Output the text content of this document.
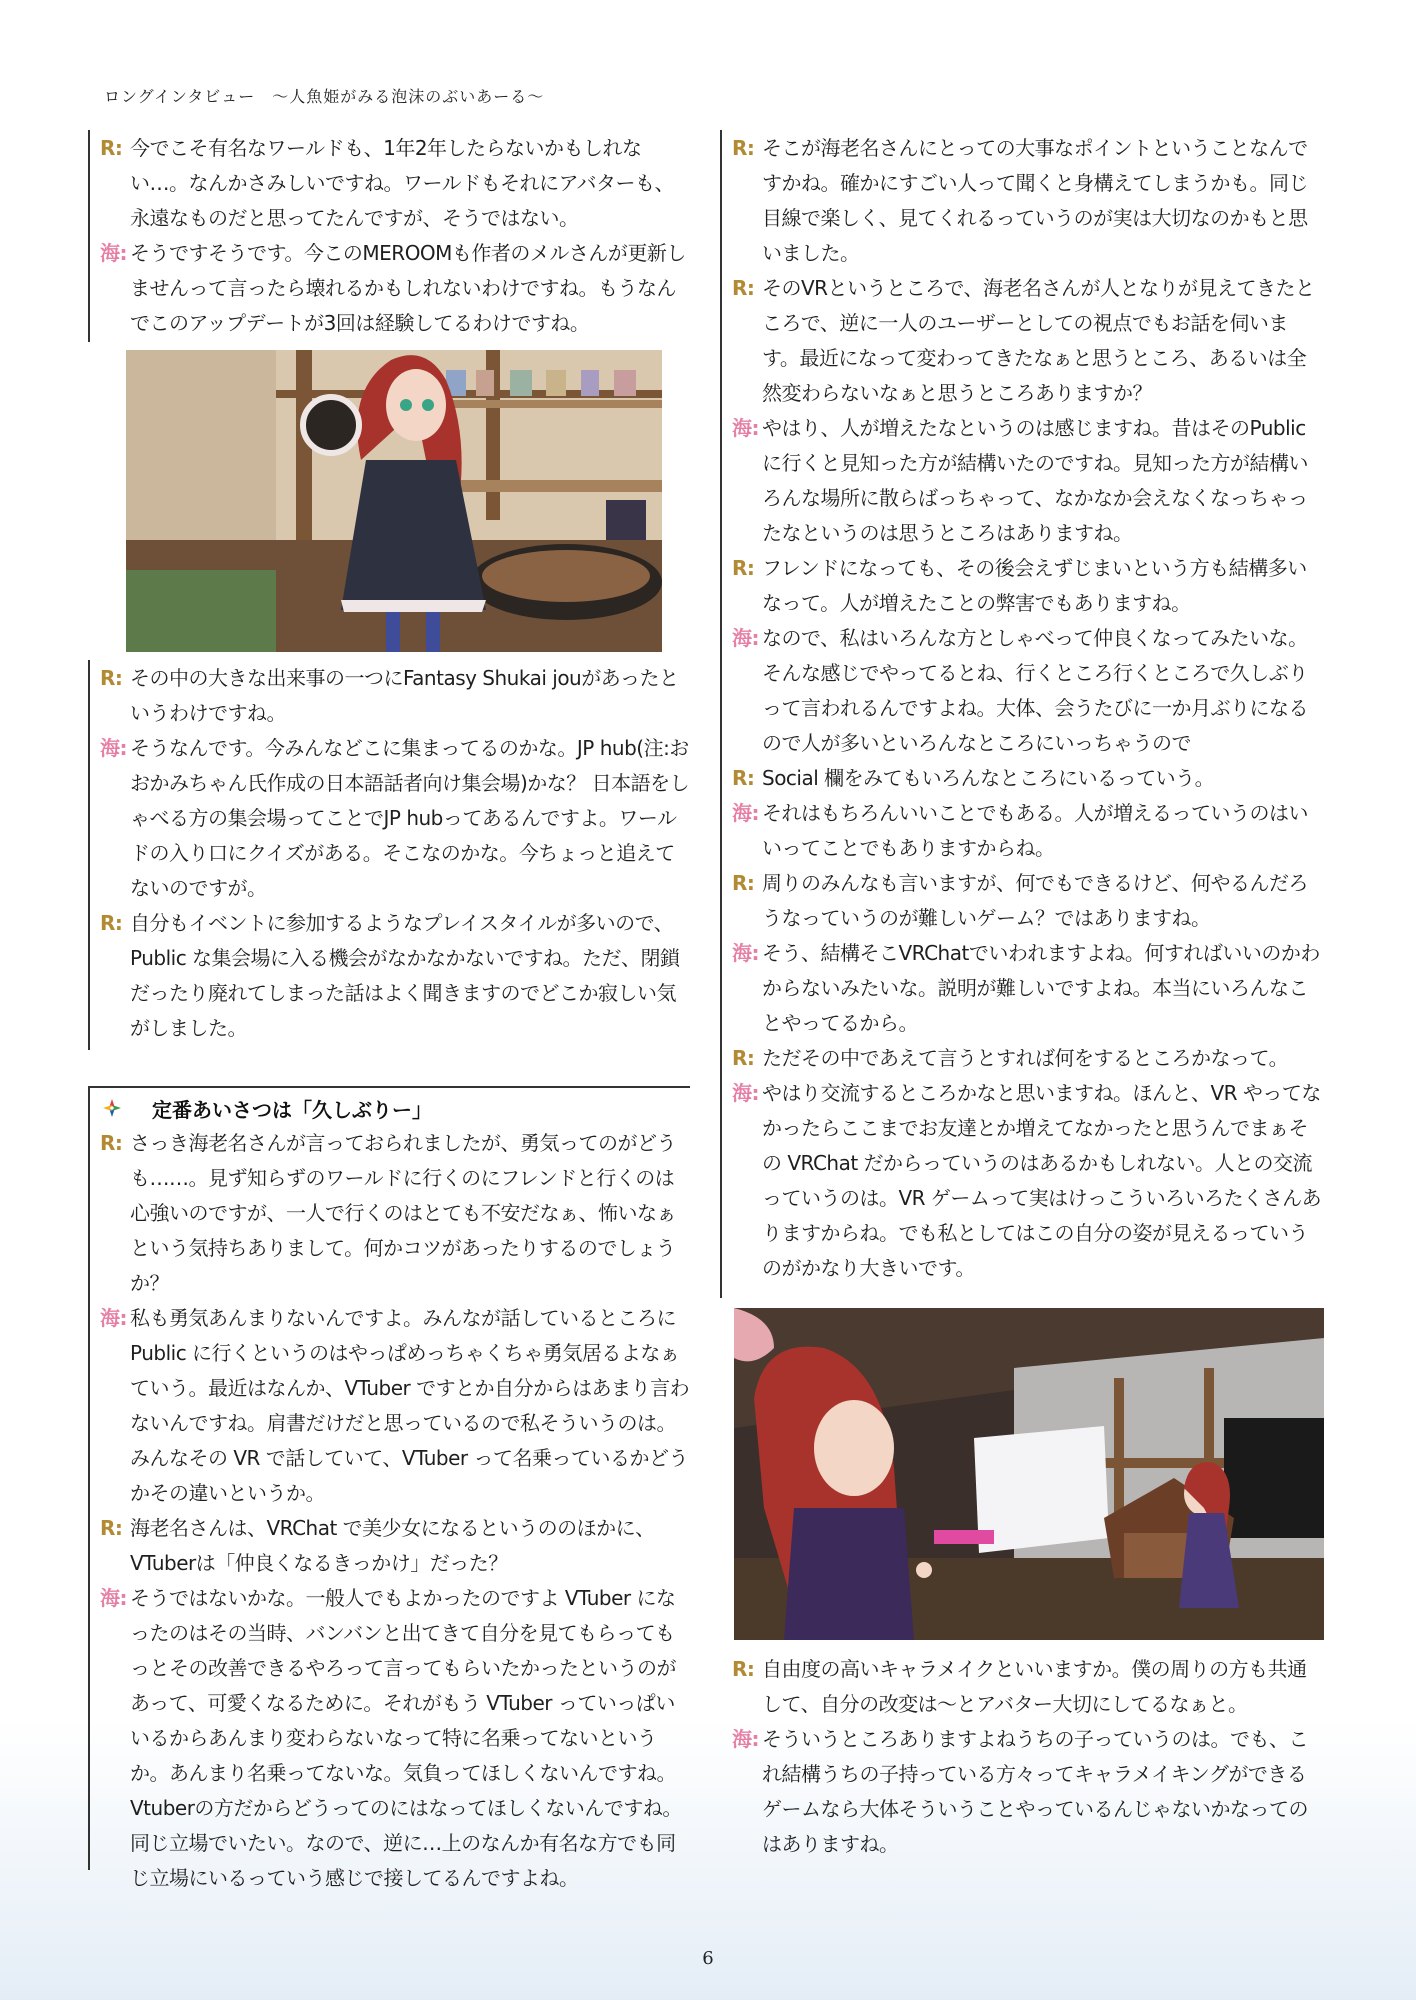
ロングインタビュー　〜人魚姫がみる泡沫のぶいあーる〜
R: 今でこそ有名なワールドも、1年2年したらないかもしれない…。なんかさみしいですね。ワールドもそれにアバターも、永遠なものだと思ってたんですが、そうではない。
海: そうですそうです。今このMEROOMも作者のメルさんが更新しませんって言ったら壊れるかもしれないわけですね。もうなんでこのアップデートが3回は経験してるわけですね。
R: その中の大きな出来事の一つにFantasy Shukai jouがあったというわけですね。
海: そうなんです。今みんなどこに集まってるのかな。JP hub(注:おおかみちゃん氏作成の日本語話者向け集会場)かな？ 日本語をしゃべる方の集会場ってことでJP hubってあるんですよ。ワールドの入り口にクイズがある。そこなのかな。今ちょっと追えてないのですが。
R: 自分もイベントに参加するようなプレイスタイルが多いので、Public な集会場に入る機会がなかなかないですね。ただ、閉鎖だったり廃れてしまった話はよく聞きますのでどこか寂しい気がしました。
定番あいさつは「久しぶりー」
R: さっき海老名さんが言っておられましたが、勇気ってのがどうも……。見ず知らずのワールドに行くのにフレンドと行くのは心強いのですが、一人で行くのはとても不安だなぁ、怖いなぁという気持ちありまして。何かコツがあったりするのでしょうか？
海: 私も勇気あんまりないんですよ。みんなが話しているところにPublic に行くというのはやっぱめっちゃくちゃ勇気居るよなぁていう。最近はなんか、VTuber ですとか自分からはあまり言わないんですね。肩書だけだと思っているので私そういうのは。みんなその VR で話していて、VTuber って名乗っているかどうかその違いというか。
R: 海老名さんは、VRChat で美少女になるというののほかに、VTuberは「仲良くなるきっかけ」だった？
海: そうではないかな。一般人でもよかったのですよ VTuber になったのはその当時、バンバンと出てきて自分を見てもらってもっとその改善できるやろって言ってもらいたかったというのがあって、可愛くなるために。それがもう VTuber っていっぱいいるからあんまり変わらないなって特に名乗ってないというか。あんまり名乗ってないな。気負ってほしくないんですね。Vtuberの方だからどうってのにはなってほしくないんですね。同じ立場でいたい。なので、逆に…上のなんか有名な方でも同じ立場にいるっていう感じで接してるんですよね。
R: そこが海老名さんにとっての大事なポイントということなんですかね。確かにすごい人って聞くと身構えてしまうかも。同じ目線で楽しく、見てくれるっていうのが実は大切なのかもと思いました。
R: そのVRというところで、海老名さんが人となりが見えてきたところで、逆に一人のユーザーとしての視点でもお話を伺います。最近になって変わってきたなぁと思うところ、あるいは全然変わらないなぁと思うところありますか？
海: やはり、人が増えたなというのは感じますね。昔はそのPublicに行くと見知った方が結構いたのですね。見知った方が結構いろんな場所に散らばっちゃって、なかなか会えなくなっちゃったなというのは思うところはありますね。
R: フレンドになっても、その後会えずじまいという方も結構多いなって。人が増えたことの弊害でもありますね。
海: なので、私はいろんな方としゃべって仲良くなってみたいな。そんな感じでやってるとね、行くところ行くところで久しぶりって言われるんですよね。大体、会うたびに一か月ぶりになるので人が多いといろんなところにいっちゃうので
R: Social 欄をみてもいろんなところにいるっていう。
海: それはもちろんいいことでもある。人が増えるっていうのはいいってことでもありますからね。
R: 周りのみんなも言いますが、何でもできるけど、何やるんだろうなっていうのが難しいゲーム？ではありますね。
海: そう、結構そこVRChatでいわれますよね。何すればいいのかわからないみたいな。説明が難しいですよね。本当にいろんなことやってるから。
R: ただその中であえて言うとすれば何をするところかなって。
海: やはり交流するところかなと思いますね。ほんと、VR やってなかったらここまでお友達とか増えてなかったと思うんでまぁその VRChat だからっていうのはあるかもしれない。人との交流っていうのは。VR ゲームって実はけっこういろいろたくさんありますからね。でも私としてはこの自分の姿が見えるっていうのがかなり大きいです。
R: 自由度の高いキャラメイクといいますか。僕の周りの方も共通して、自分の改変は〜とアバター大切にしてるなぁと。
海: そういうところありますよねうちの子っていうのは。でも、これ結構うちの子持っている方々ってキャラメイキングができるゲームなら大体そういうことやっているんじゃないかなってのはありますね。
6
